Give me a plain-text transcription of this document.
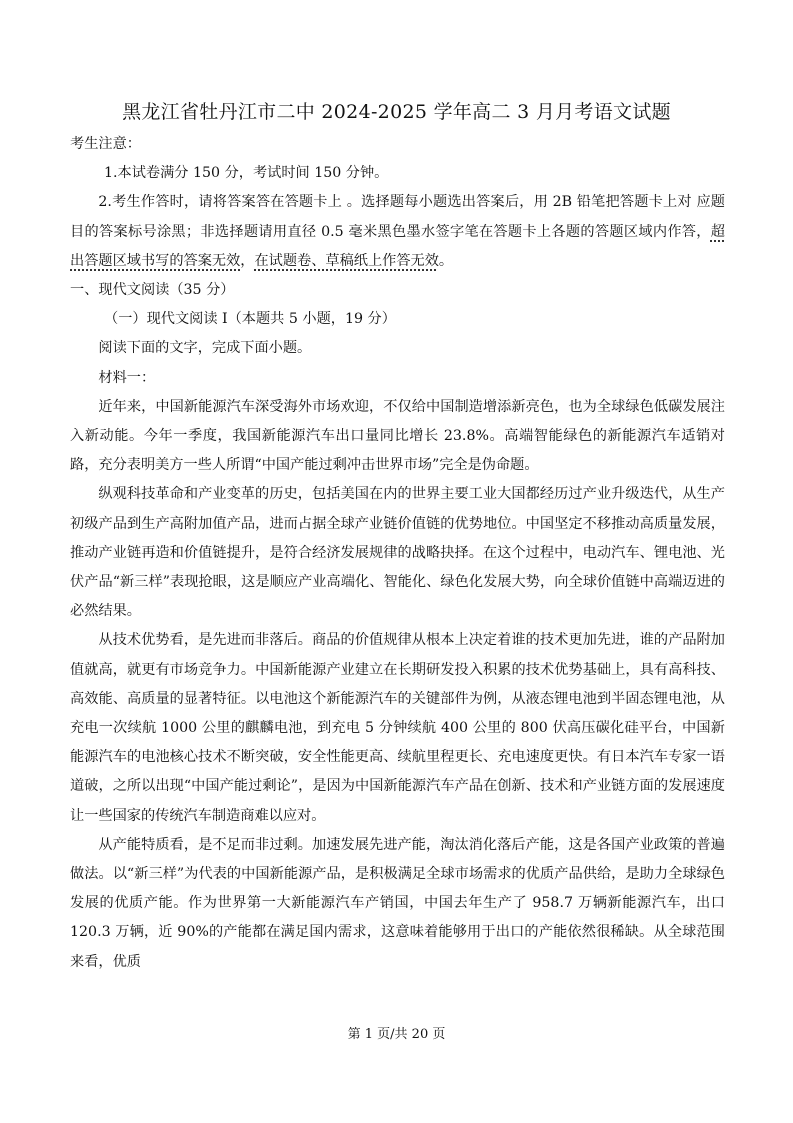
黑龙江省牡丹江市二中 2024-2025 学年高二 3 月月考语文试题

考生注意：

1.本试卷满分 150 分，考试时间 150 分钟。

2.考生作答时，请将答案答在答题卡上 。选择题每小题选出答案后，用 2B 铅笔把答题卡上对 应题目的答案标号涂黑；非选择题请用直径 0.5 毫米黑色墨水签字笔在答题卡上各题的答题区域内作答，超出答题区域书写的答案无效，在试题卷、草稿纸上作答无效。

一、现代文阅读（35 分）

（一）现代文阅读 I（本题共 5 小题，19 分）

阅读下面的文字，完成下面小题。

材料一：

近年来，中国新能源汽车深受海外市场欢迎，不仅给中国制造增添新亮色，也为全球绿色低碳发展注入新动能。今年一季度，我国新能源汽车出口量同比增长 23.8%。高端智能绿色的新能源汽车适销对路，充分表明美方一些人所谓“中国产能过剩冲击世界市场”完全是伪命题。

纵观科技革命和产业变革的历史，包括美国在内的世界主要工业大国都经历过产业升级迭代，从生产初级产品到生产高附加值产品，进而占据全球产业链价值链的优势地位。中国坚定不移推动高质量发展，推动产业链再造和价值链提升，是符合经济发展规律的战略抉择。在这个过程中，电动汽车、锂电池、光伏产品“新三样”表现抢眼，这是顺应产业高端化、智能化、绿色化发展大势，向全球价值链中高端迈进的必然结果。

从技术优势看，是先进而非落后。商品的价值规律从根本上决定着谁的技术更加先进，谁的产品附加值就高，就更有市场竞争力。中国新能源产业建立在长期研发投入积累的技术优势基础上，具有高科技、高效能、高质量的显著特征。以电池这个新能源汽车的关键部件为例，从液态锂电池到半固态锂电池，从充电一次续航 1000 公里的麒麟电池，到充电 5 分钟续航 400 公里的 800 伏高压碳化硅平台，中国新能源汽车的电池核心技术不断突破，安全性能更高、续航里程更长、充电速度更快。有日本汽车专家一语道破，之所以出现“中国产能过剩论”，是因为中国新能源汽车产品在创新、技术和产业链方面的发展速度让一些国家的传统汽车制造商难以应对。

从产能特质看，是不足而非过剩。加速发展先进产能，淘汰消化落后产能，这是各国产业政策的普遍做法。以“新三样”为代表的中国新能源产品，是积极满足全球市场需求的优质产品供给，是助力全球绿色发展的优质产能。作为世界第一大新能源汽车产销国，中国去年生产了 958.7 万辆新能源汽车，出口 120.3 万辆，近 90%的产能都在满足国内需求，这意味着能够用于出口的产能依然很稀缺。从全球范围来看，优质

第 1 页/共 20 页
